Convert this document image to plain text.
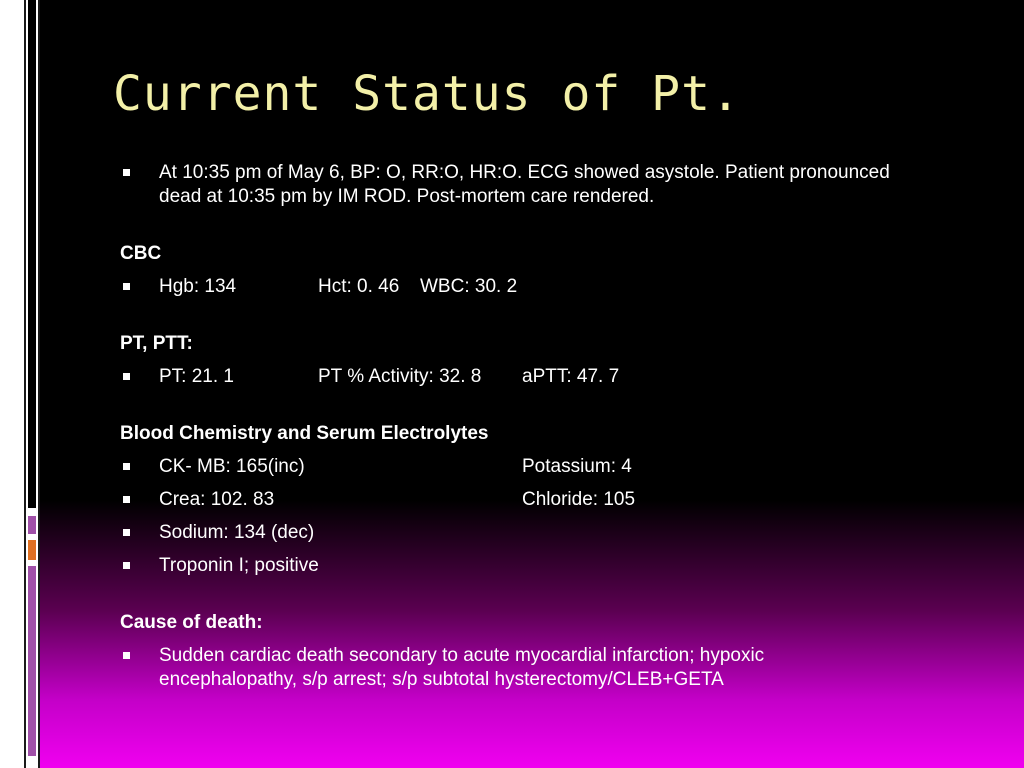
Current Status of Pt.
At 10:35 pm of May 6, BP: O, RR:O, HR:O. ECG showed asystole. Patient pronounced dead at 10:35 pm by IM ROD. Post-mortem care rendered.
CBC
Hgb: 134	Hct: 0. 46	WBC: 30. 2
PT, PTT:
PT: 21. 1	PT % Activity: 32. 8	aPTT: 47. 7
Blood Chemistry and Serum Electrolytes
CK- MB: 165(inc)	Potassium: 4
Crea: 102. 83	Chloride: 105
Sodium: 134 (dec)
Troponin I; positive
Cause of death:
Sudden cardiac death secondary to acute myocardial infarction; hypoxic encephalopathy, s/p arrest; s/p subtotal hysterectomy/CLEB+GETA
